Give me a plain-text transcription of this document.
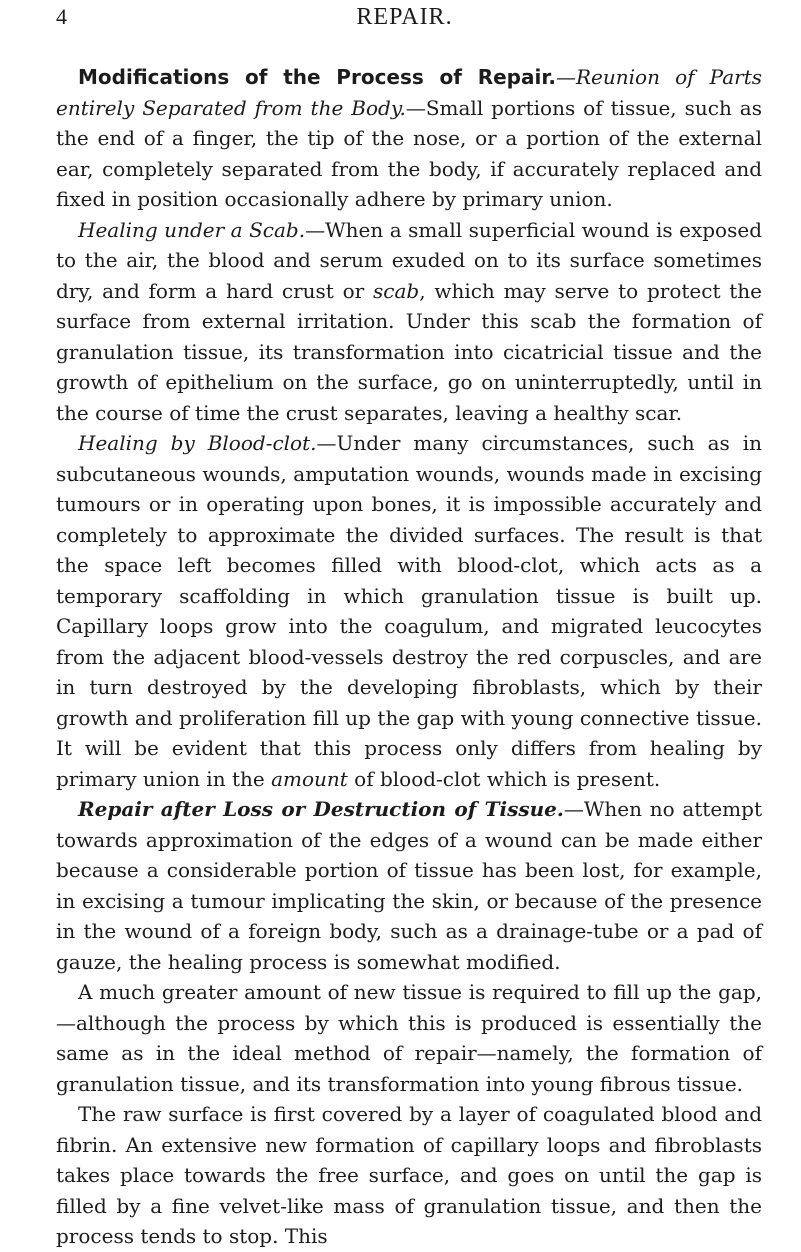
4	REPAIR.

Modifications of the Process of Repair.—Reunion of Parts entirely Separated from the Body.—Small portions of tissue, such as the end of a finger, the tip of the nose, or a portion of the external ear, completely separated from the body, if accurately replaced and fixed in position occasionally adhere by primary union.

Healing under a Scab.—When a small superficial wound is exposed to the air, the blood and serum exuded on to its surface sometimes dry, and form a hard crust or scab, which may serve to protect the surface from external irritation. Under this scab the formation of granulation tissue, its transformation into cicatricial tissue and the growth of epithelium on the surface, go on uninterruptedly, until in the course of time the crust separates, leaving a healthy scar.

Healing by Blood-clot.—Under many circumstances, such as in subcutaneous wounds, amputation wounds, wounds made in excising tumours or in operating upon bones, it is impossible accurately and completely to approximate the divided surfaces. The result is that the space left becomes filled with blood-clot, which acts as a temporary scaffolding in which granulation tissue is built up. Capillary loops grow into the coagulum, and migrated leucocytes from the adjacent blood-vessels destroy the red corpuscles, and are in turn destroyed by the developing fibroblasts, which by their growth and proliferation fill up the gap with young connective tissue. It will be evident that this process only differs from healing by primary union in the amount of blood-clot which is present.

Repair after Loss or Destruction of Tissue.—When no attempt towards approximation of the edges of a wound can be made either because a considerable portion of tissue has been lost, for example, in excising a tumour implicating the skin, or because of the presence in the wound of a foreign body, such as a drainage-tube or a pad of gauze, the healing process is somewhat modified.

A much greater amount of new tissue is required to fill up the gap,—although the process by which this is produced is essentially the same as in the ideal method of repair—namely, the formation of granulation tissue, and its transformation into young fibrous tissue.

The raw surface is first covered by a layer of coagulated blood and fibrin. An extensive new formation of capillary loops and fibroblasts takes place towards the free surface, and goes on until the gap is filled by a fine velvet-like mass of granulation tissue, and then the process tends to stop. This
